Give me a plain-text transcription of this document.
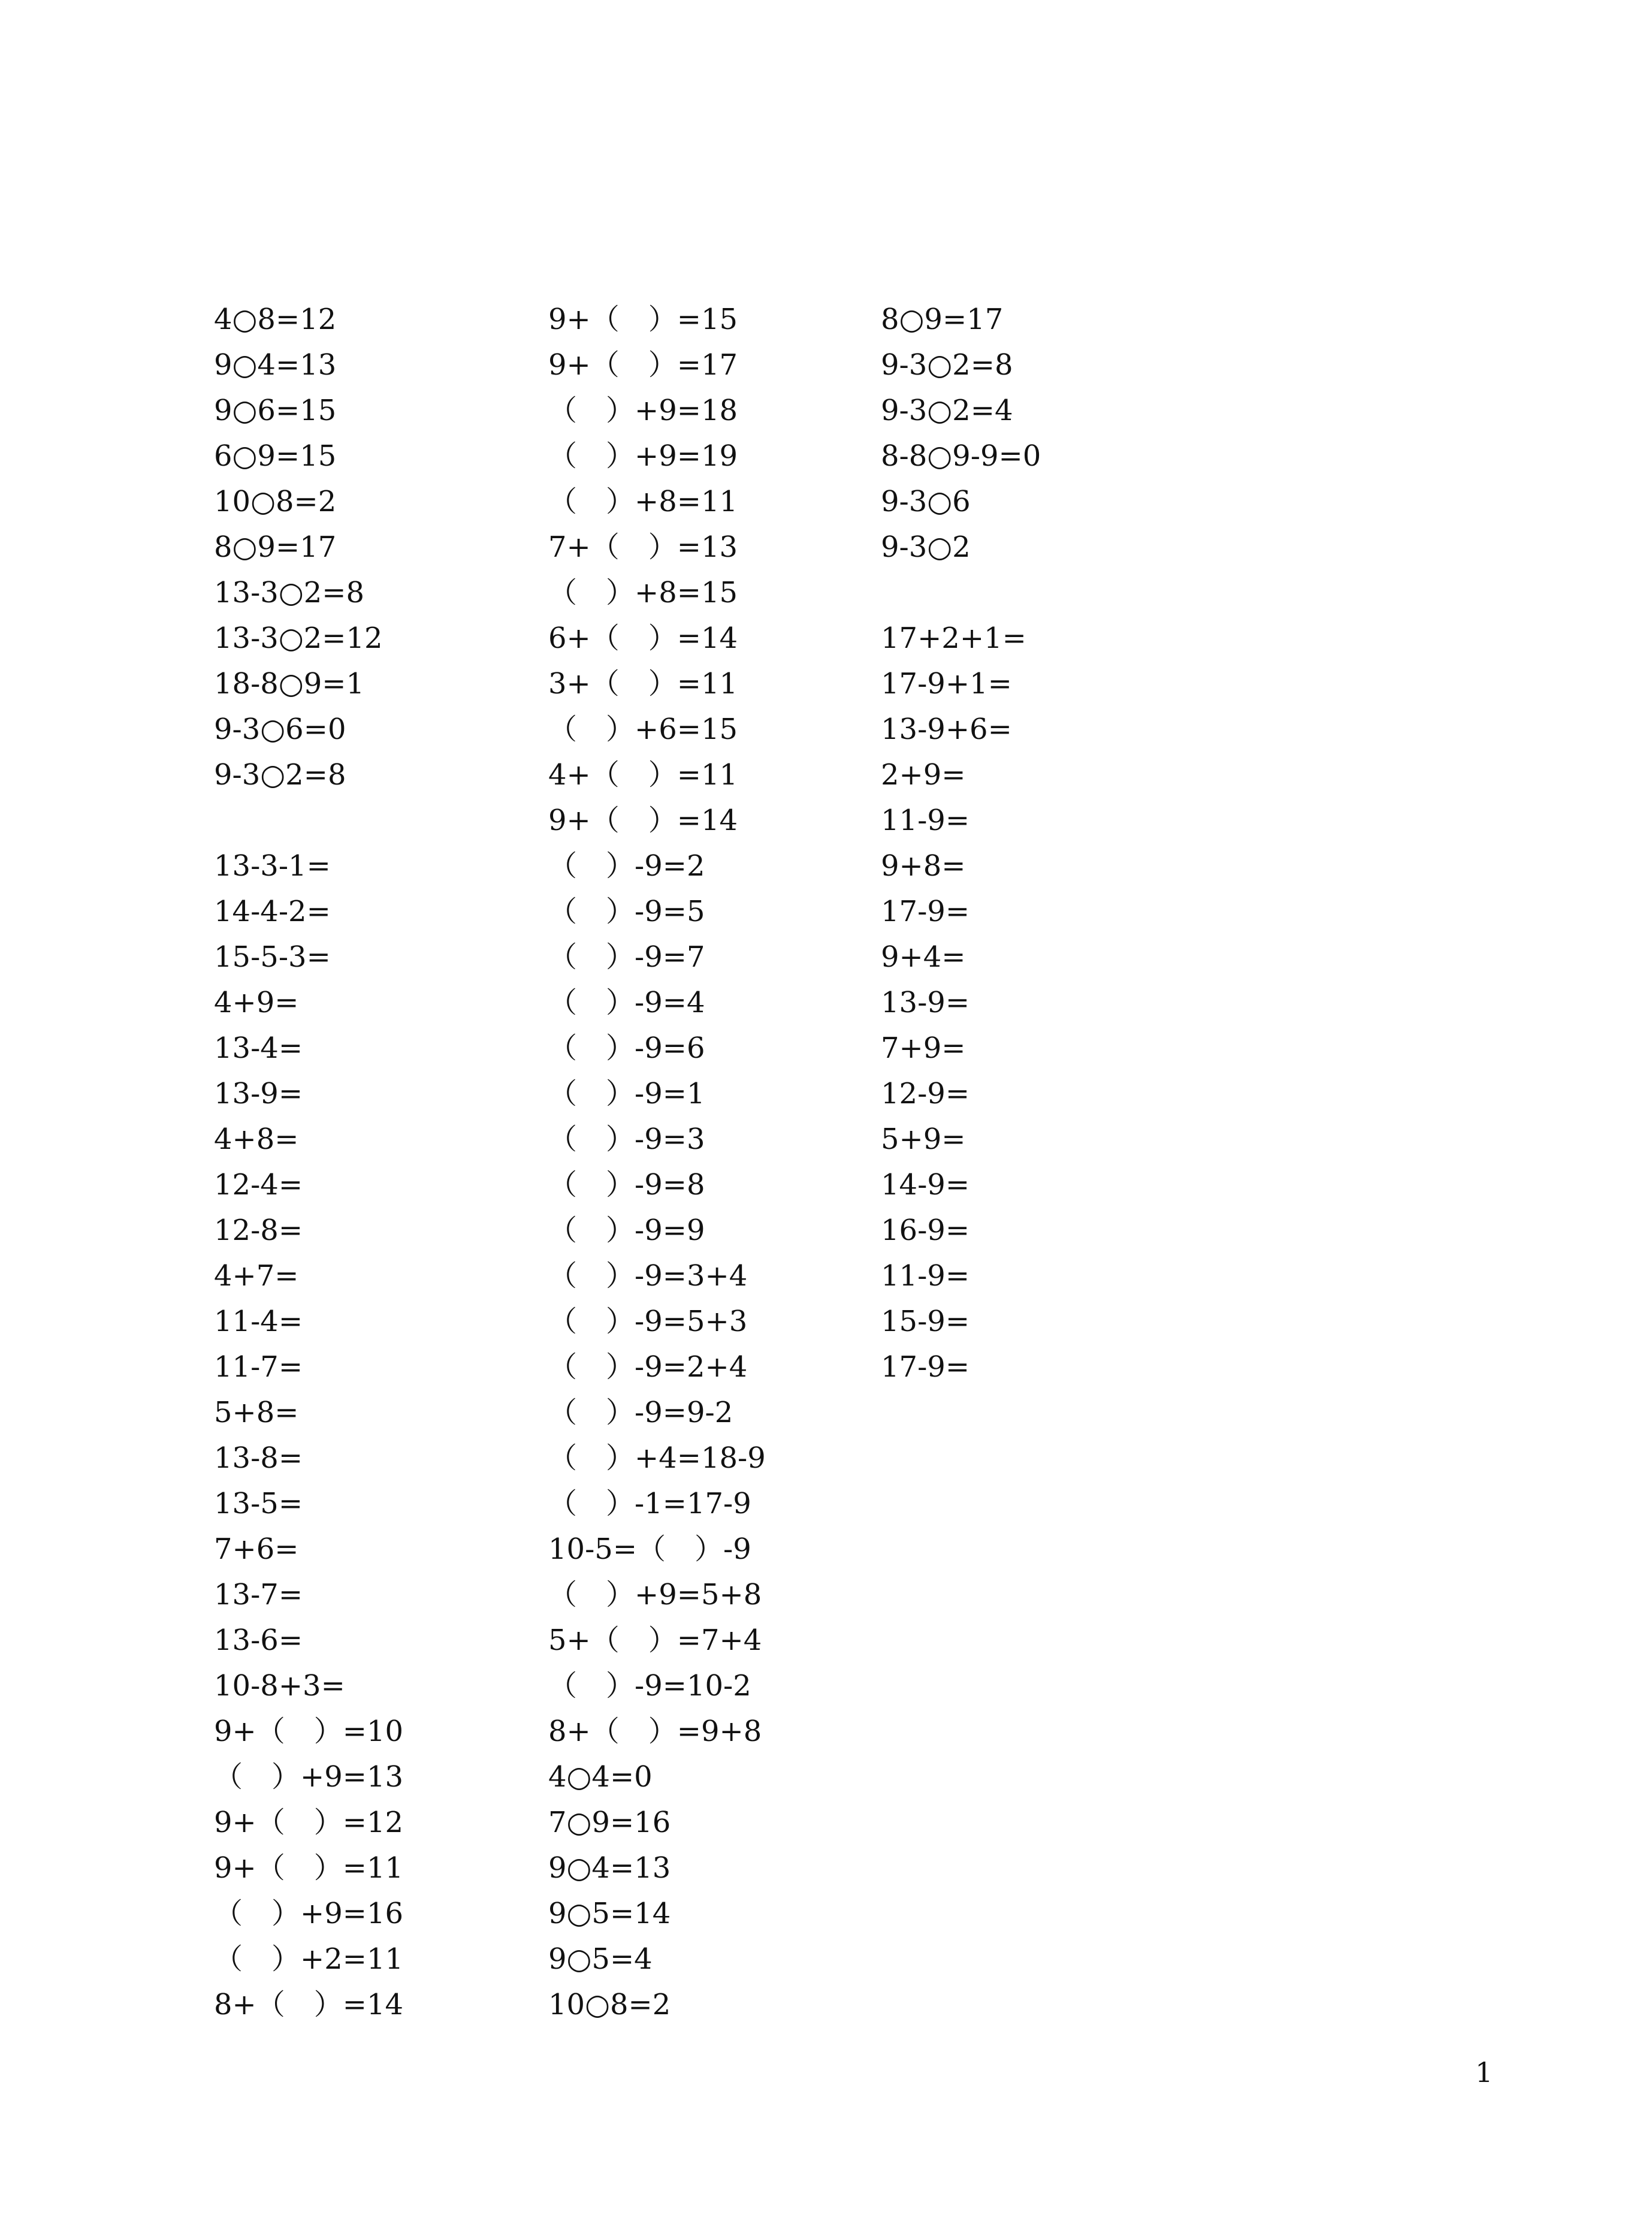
4○8=12
9○4=13
9○6=15
6○9=15
10○8=2
8○9=17
13-3○2=8
13-3○2=12
18-8○9=1
9-3○6=0
9-3○2=8
13-3-1=
14-4-2=
15-5-3=
4+9=
13-4=
13-9=
4+8=
12-4=
12-8=
4+7=
11-4=
11-7=
5+8=
13-8=
13-5=
7+6=
13-7=
13-6=
10-8+3=
9+（　）=10
（　）+9=13
9+（　）=12
9+（　）=11
（　）+9=16
（　）+2=11
8+（　）=14
9+（　）=15
9+（　）=17
（　）+9=18
（　）+9=19
（　）+8=11
7+（　）=13
（　）+8=15
6+（　）=14
3+（　）=11
（　）+6=15
4+（　）=11
9+（　）=14
（　）-9=2
（　）-9=5
（　）-9=7
（　）-9=4
（　）-9=6
（　）-9=1
（　）-9=3
（　）-9=8
（　）-9=9
（　）-9=3+4
（　）-9=5+3
（　）-9=2+4
（　）-9=9-2
（　）+4=18-9
（　）-1=17-9
10-5=（　）-9
（　）+9=5+8
5+（　）=7+4
（　）-9=10-2
8+（　）=9+8
4○4=0
7○9=16
9○4=13
9○5=14
9○5=4
10○8=2
8○9=17
9-3○2=8
9-3○2=4
8-8○9-9=0
9-3○6
9-3○2
17+2+1=
17-9+1=
13-9+6=
2+9=
11-9=
9+8=
17-9=
9+4=
13-9=
7+9=
12-9=
5+9=
14-9=
16-9=
11-9=
15-9=
17-9=
1
